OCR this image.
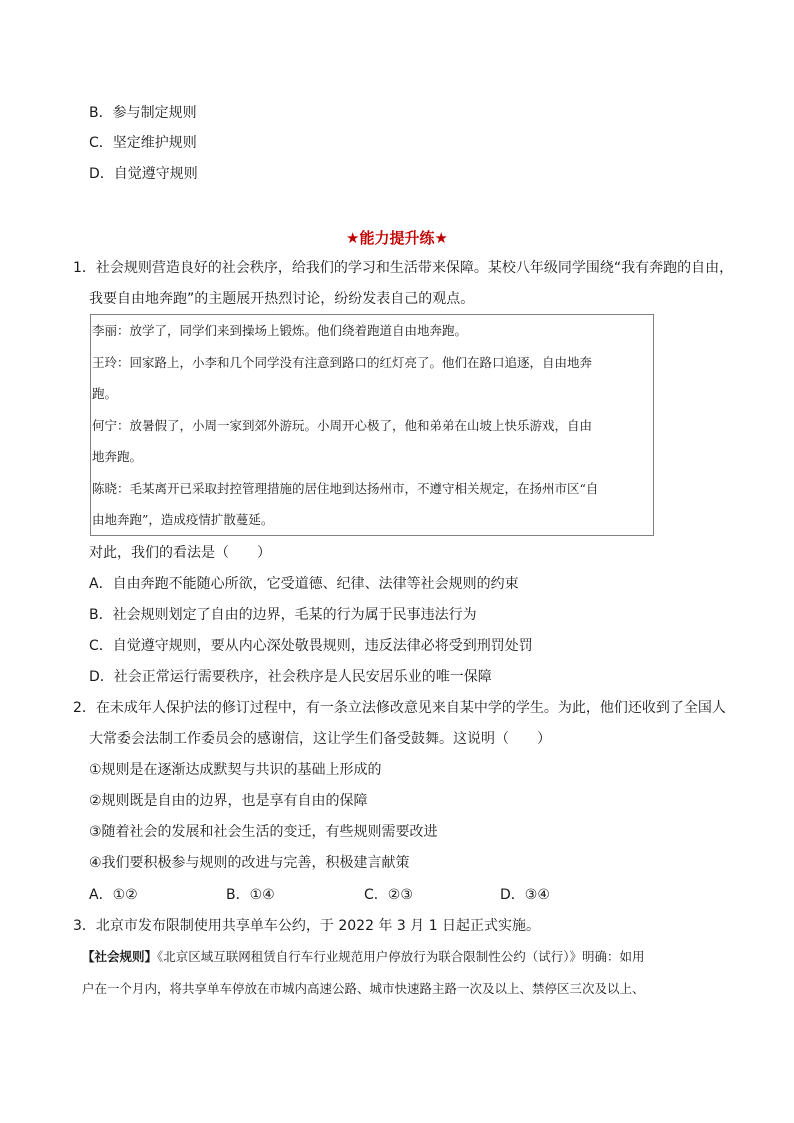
B．参与制定规则
C．坚定维护规则
D．自觉遵守规则
★能力提升练★
1．社会规则营造良好的社会秩序，给我们的学习和生活带来保障。某校八年级同学围绕“我有奔跑的自由，
我要自由地奔跑”的主题展开热烈讨论，纷纷发表自己的观点。
李丽：放学了，同学们来到操场上锻炼。他们绕着跑道自由地奔跑。
王玲：回家路上，小李和几个同学没有注意到路口的红灯亮了。他们在路口追逐，自由地奔
跑。
何宁：放暑假了，小周一家到郊外游玩。小周开心极了，他和弟弟在山坡上快乐游戏，自由
地奔跑。
陈晓：毛某离开已采取封控管理措施的居住地到达扬州市，不遵守相关规定，在扬州市区“自
由地奔跑”，造成疫情扩散蔓延。
对此，我们的看法是（　　）
A．自由奔跑不能随心所欲，它受道德、纪律、法律等社会规则的约束
B．社会规则划定了自由的边界，毛某的行为属于民事违法行为
C．自觉遵守规则，要从内心深处敬畏规则，违反法律必将受到刑罚处罚
D．社会正常运行需要秩序，社会秩序是人民安居乐业的唯一保障
2．在未成年人保护法的修订过程中，有一条立法修改意见来自某中学的学生。为此，他们还收到了全国人
大常委会法制工作委员会的感谢信，这让学生们备受鼓舞。这说明（　　）
①规则是在逐渐达成默契与共识的基础上形成的
②规则既是自由的边界，也是享有自由的保障
③随着社会的发展和社会生活的变迁，有些规则需要改进
④我们要积极参与规则的改进与完善，积极建言献策
A．①②	B．①④	C．②③	D．③④
3．北京市发布限制使用共享单车公约，于 2022 年 3 月 1 日起正式实施。
【社会规则】《北京区域互联网租赁自行车行业规范用户停放行为联合限制性公约（试行）》明确：如用
户在一个月内，将共享单车停放在市城内高速公路、城市快速路主路一次及以上、禁停区三次及以上、
